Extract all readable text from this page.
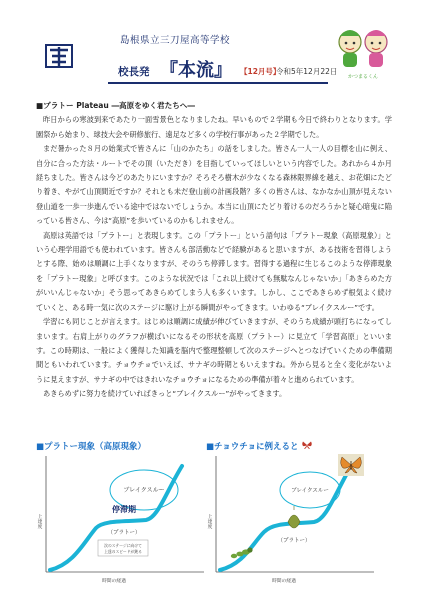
島根県立三刀屋高等学校
校長発 『本流』 【12月号】
令和5年12月22日
かつまるくん
■プラトー Plateau ―高原をゆく君たちへ―

昨日からの寒波到来であたり一面雪景色となりましたね。早いもので２学期も今日で終わりとなります。学園祭から始まり、球技大会や研修旅行、遠足など多くの学校行事があった２学期でした。

まだ暑かった８月の始業式で皆さんに「山のかたち」の話をしました。皆さん一人一人の目標を山に例え、自分に合った方法・ルートでその頂（いただき）を目指していってほしいという内容でした。あれから４か月経ちました。皆さんは今どのあたりにいますか？そろそろ樹木が少なくなる森林限界線を越え、お花畑にたどり着き、やがて山頂間近ですか？それとも未だ登山前の計画段階？多くの皆さんは、なかなか山頂が見えない登山道を一歩一歩進んでいる途中ではないでしょうか。本当に山頂にたどり着けるのだろうかと疑心暗鬼に陥っている皆さん、今は“高原”を歩いているのかもしれません。

高原は英語では「プラトー」と表現します。この「プラトー」という語句は「プラトー現象（高原現象）」という心理学用語でも使われています。皆さんも部活動などで経験があると思いますが、ある技術を習得しようとする際、始めは順調に上手くなりますが、そのうち停滞します。習得する過程に生じるこのような停滞現象を「プラトー現象」と呼びます。このような状況では「これ以上続けても無駄なんじゃないか」「あきらめた方がいいんじゃないか」そう思ってあきらめてしまう人も多くいます。しかし、ここであきらめず根気よく続けていくと、ある時一気に次のステージに駆け上がる瞬間がやってきます。いわゆる“ブレイクスルー”です。

学習にも同じことが言えます。はじめは順調に成績が伸びていきますが、そのうち成績が頭打ちになってしまいます。右肩上がりのグラフが横ばいになるその形状を高原（プラトー）に見立て「学習高原」といいます。この時期は、一般によく獲得した知識を脳内で整理整頓して次のステージへとつなげていくための準備期間ともいわれています。チョウチョでいえば、サナギの時期ともいえますね。外から見ると全く変化がないように見えますが、サナギの中ではきれいなチョウチョになるための準備が着々と進められています。

あきらめずに努力を続けていればきっと“ブレイクスルー”がやってきます。

■プラトー現象（高原現象）	■チョウチョに例えると
上達度
時間の経過
ブレイクスルー
停滞期
（プラトー）
次のステージに向けて
上達のスピードが鈍る
上達度
時間の経過
ブレイクスルー
（プラトー）
